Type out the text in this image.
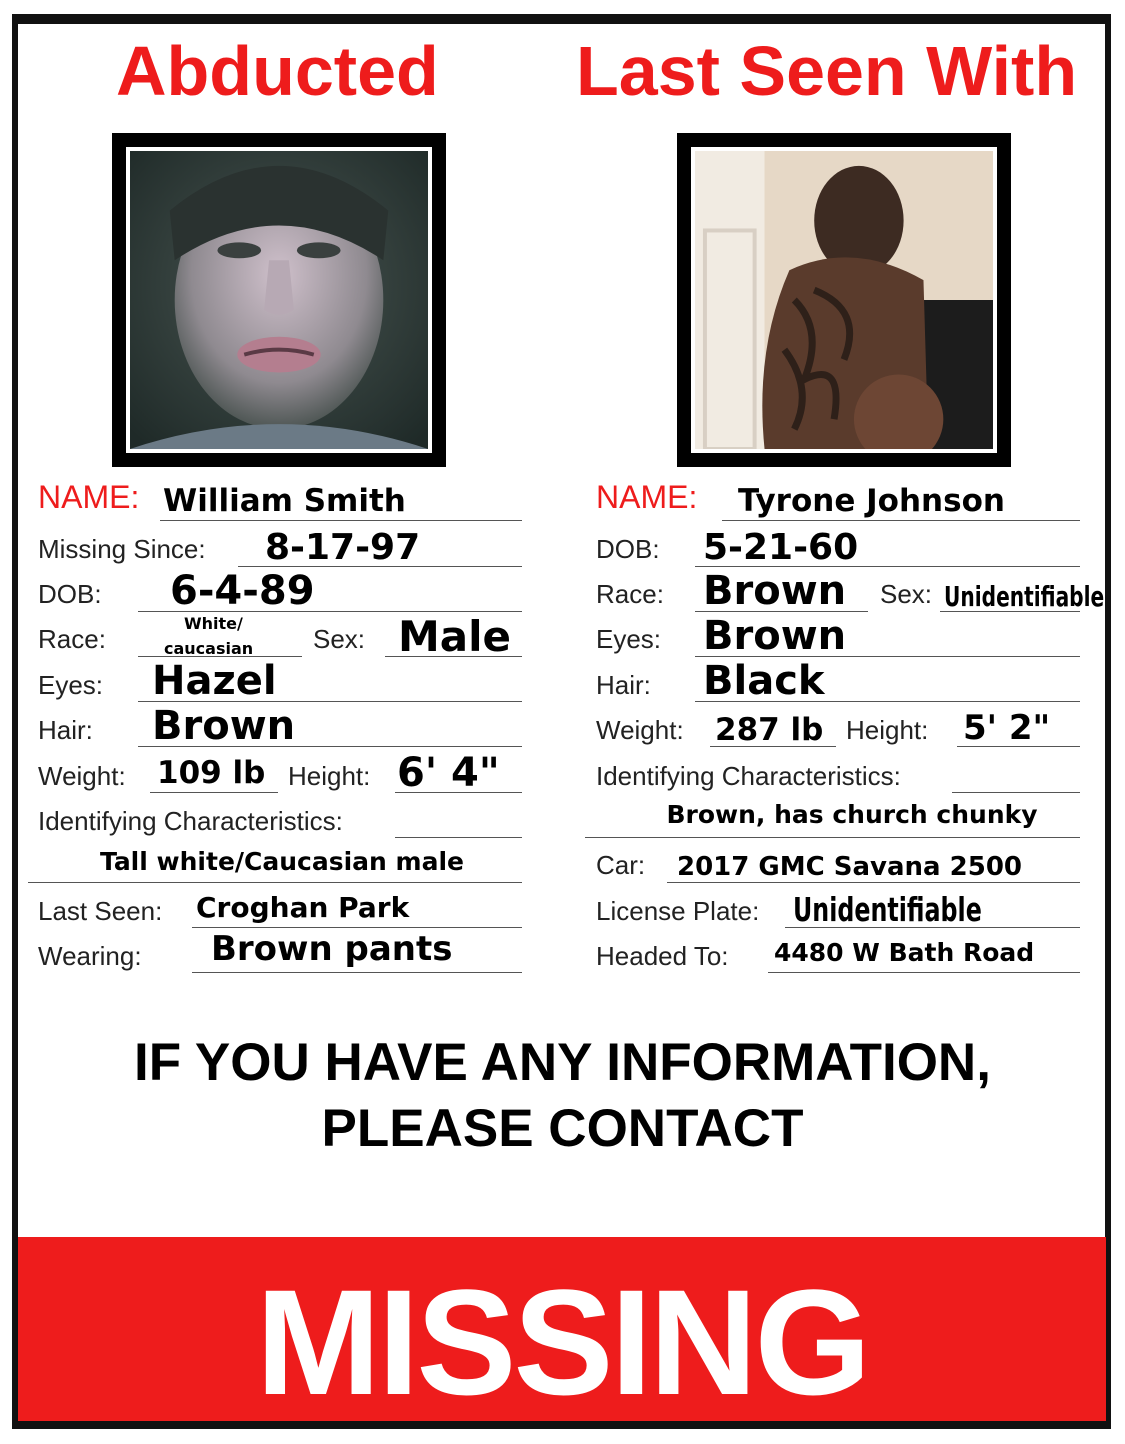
Abducted Last Seen With
NAME: William Smith
Missing Since: 8-17-97
DOB: 6-4-89
Race:
White/
caucasian Sex: Male
Eyes: Hazel
Hair: Brown
Weight: 109 lb Height: 6' 4"
Identifying Characteristics:
Tall white/Caucasian male
Last Seen: Croghan Park
Wearing: Brown pants
NAME: Tyrone Johnson
DOB: 5-21-60
Race: Brown Sex: Unidentifiable
Eyes: Brown
Hair: Black
Weight: 287 lb Height: 5' 2"
Identifying Characteristics:
Brown, has church chunky
Car: 2017 GMC Savana 2500
License Plate: Unidentifiable
Headed To: 4480 W Bath Road
IF YOU HAVE ANY INFORMATION,
PLEASE CONTACT
MISSING
